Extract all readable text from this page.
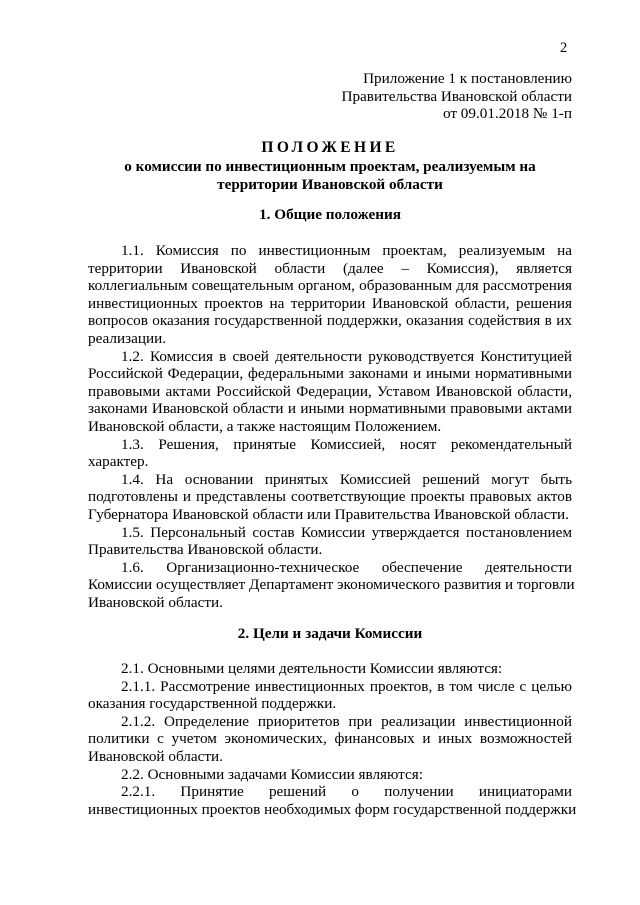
2
Приложение 1 к постановлению
Правительства Ивановской области
от 09.01.2018 № 1-п
ПОЛОЖЕНИЕ
о комиссии по инвестиционным проектам, реализуемым на
территории Ивановской области
1. Общие положения
1.1. Комиссия по инвестиционным проектам, реализуемым на
территории Ивановской области (далее – Комиссия), является
коллегиальным совещательным органом, образованным для рассмотрения
инвестиционных проектов на территории Ивановской области, решения
вопросов оказания государственной поддержки, оказания содействия в их
реализации.
1.2. Комиссия в своей деятельности руководствуется Конституцией
Российской Федерации, федеральными законами и иными нормативными
правовыми актами Российской Федерации, Уставом Ивановской области,
законами Ивановской области и иными нормативными правовыми актами
Ивановской области, а также настоящим Положением.
1.3. Решения, принятые Комиссией, носят рекомендательный
характер.
1.4. На основании принятых Комиссией решений могут быть
подготовлены и представлены соответствующие проекты правовых актов
Губернатора Ивановской области или Правительства Ивановской области.
1.5. Персональный состав Комиссии утверждается постановлением
Правительства Ивановской области.
1.6. Организационно-техническое обеспечение деятельности
Комиссии осуществляет Департамент экономического развития и торговли
Ивановской области.
2. Цели и задачи Комиссии
2.1. Основными целями деятельности Комиссии являются:
2.1.1. Рассмотрение инвестиционных проектов, в том числе с целью
оказания государственной поддержки.
2.1.2. Определение приоритетов при реализации инвестиционной
политики с учетом экономических, финансовых и иных возможностей
Ивановской области.
2.2. Основными задачами Комиссии являются:
2.2.1. Принятие решений о получении инициаторами
инвестиционных проектов необходимых форм государственной поддержки
